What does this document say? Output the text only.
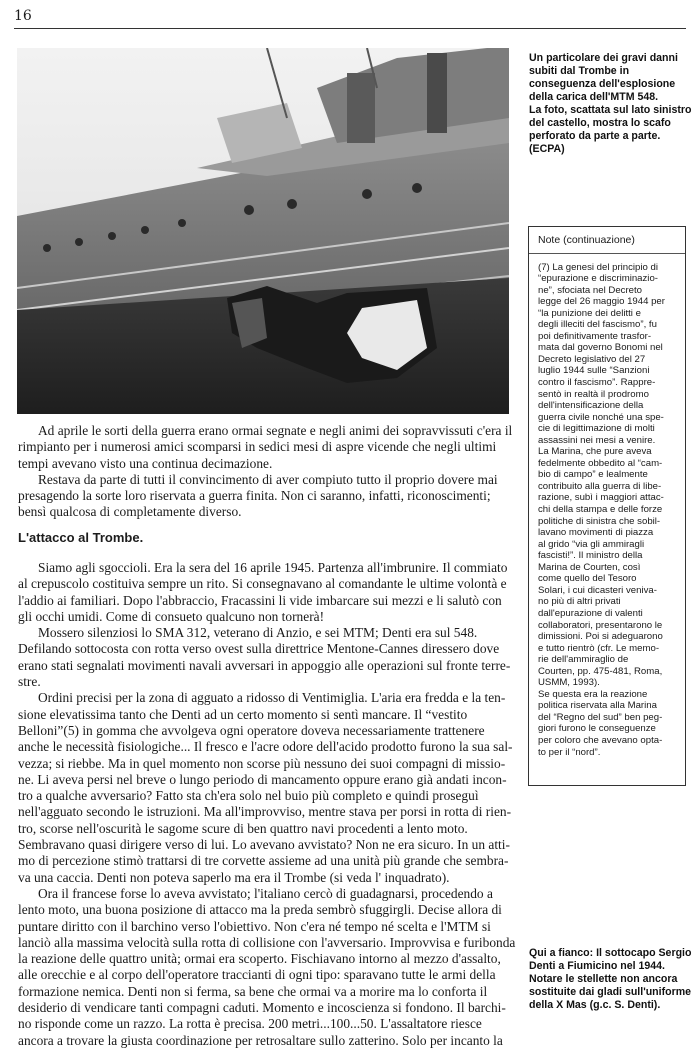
16
Un particolare dei gravi danni
subiti dal Trombe in
conseguenza dell'esplosione
della carica dell'MTM 548.
La foto, scattata sul lato sinistro
del castello, mostra lo scafo
perforato da parte a parte.
(ECPA)
Note (continuazione)
(7) La genesi del principio di
“epurazione e discriminazio-
ne”, sfociata nel Decreto
legge del 26 maggio 1944 per
“la punizione dei delitti e
degli illeciti del fascismo”, fu
poi definitivamente trasfor-
mata dal governo Bonomi nel
Decreto legislativo del 27
luglio 1944 sulle “Sanzioni
contro il fascismo”. Rappre-
sentò in realtà il prodromo
dell'intensificazione della
guerra civile nonché una spe-
cie di legittimazione di molti
assassini nei mesi a venire.
La Marina, che pure aveva
fedelmente obbedito al “cam-
bio di campo” e lealmente
contribuito alla guerra di libe-
razione, subì i maggiori attac-
chi della stampa e delle forze
politiche di sinistra che sobil-
lavano movimenti di piazza
al grido “via gli ammiragli
fascisti!”. Il ministro della
Marina de Courten, così
come quello del Tesoro
Solari, i cui dicasteri veniva-
no più di altri privati
dall'epurazione di valenti
collaboratori, presentarono le
dimissioni. Poi si adeguarono
e tutto rientrò (cfr. Le memo-
rie dell'ammiraglio de
Courten, pp. 475-481, Roma,
USMM, 1993).
Se questa era la reazione
politica riservata alla Marina
del “Regno del sud” ben peg-
giori furono le conseguenze
per coloro che avevano opta-
to per il “nord”.
Ad aprile le sorti della guerra erano ormai segnate e negli animi dei sopravvissuti c'era il
rimpianto per i numerosi amici scomparsi in sedici mesi di aspre vicende che negli ultimi
tempi avevano visto una continua decimazione.
Restava da parte di tutti il convincimento di aver compiuto tutto il proprio dovere mai
presagendo la sorte loro riservata a guerra finita. Non ci saranno, infatti, riconoscimenti;
bensì qualcosa di completamente diverso.
L'attacco al Trombe.
Siamo agli sgoccioli. Era la sera del 16 aprile 1945. Partenza all'imbrunire. Il commiato
al crepuscolo costituiva sempre un rito. Si consegnavano al comandante le ultime volontà e
l'addio ai familiari. Dopo l'abbraccio, Fracassini li vide imbarcare sui mezzi e li salutò con
gli occhi umidi. Come di consueto qualcuno non tornerà!
Mossero silenziosi lo SMA 312, veterano di Anzio, e sei MTM; Denti era sul 548.
Defilando sottocosta con rotta verso ovest sulla direttrice Mentone-Cannes diressero dove
erano stati segnalati movimenti navali avversari in appoggio alle operazioni sul fronte terre-
stre.
Ordini precisi per la zona di agguato a ridosso di Ventimiglia. L'aria era fredda e la ten-
sione elevatissima tanto che Denti ad un certo momento si sentì mancare. Il “vestito
Belloni”(5) in gomma che avvolgeva ogni operatore doveva necessariamente trattenere
anche le necessità fisiologiche... Il fresco e l'acre odore dell'acido prodotto furono la sua sal-
vezza; si riebbe. Ma in quel momento non scorse più nessuno dei suoi compagni di missio-
ne. Li aveva persi nel breve o lungo periodo di mancamento oppure erano già andati incon-
tro a qualche avversario? Fatto sta ch'era solo nel buio più completo e quindi proseguì
nell'agguato secondo le istruzioni. Ma all'improvviso, mentre stava per porsi in rotta di rien-
tro, scorse nell'oscurità le sagome scure di ben quattro navi procedenti a lento moto.
Sembravano quasi dirigere verso di lui. Lo avevano avvistato? Non ne era sicuro. In un atti-
mo di percezione stimò trattarsi di tre corvette assieme ad una unità più grande che sembra-
va una caccia. Denti non poteva saperlo ma era il Trombe (si veda l' inquadrato).
Ora il francese forse lo aveva avvistato; l'italiano cercò di guadagnarsi, procedendo a
lento moto, una buona posizione di attacco ma la preda sembrò sfuggirgli. Decise allora di
puntare diritto con il barchino verso l'obiettivo. Non c'era né tempo né scelta e l'MTM si
lanciò alla massima velocità sulla rotta di collisione con l'avversario. Improvvisa e furibonda
la reazione delle quattro unità; ormai era scoperto. Fischiavano intorno al mezzo d'assalto,
alle orecchie e al corpo dell'operatore traccianti di ogni tipo: sparavano tutte le armi della
formazione nemica. Denti non si ferma, sa bene che ormai va a morire ma lo conforta il
desiderio di vendicare tanti compagni caduti. Momento e incoscienza si fondono. Il barchi-
no risponde come un razzo. La rotta è precisa. 200 metri...100...50. L'assaltatore riesce
ancora a trovare la giusta coordinazione per retrosaltare sullo zatterino. Solo per incanto la
Qui a fianco: Il sottocapo Sergio
Denti a Fiumicino nel 1944.
Notare le stellette non ancora
sostituite dai gladi sull'uniforme
della X Mas (g.c. S. Denti).
